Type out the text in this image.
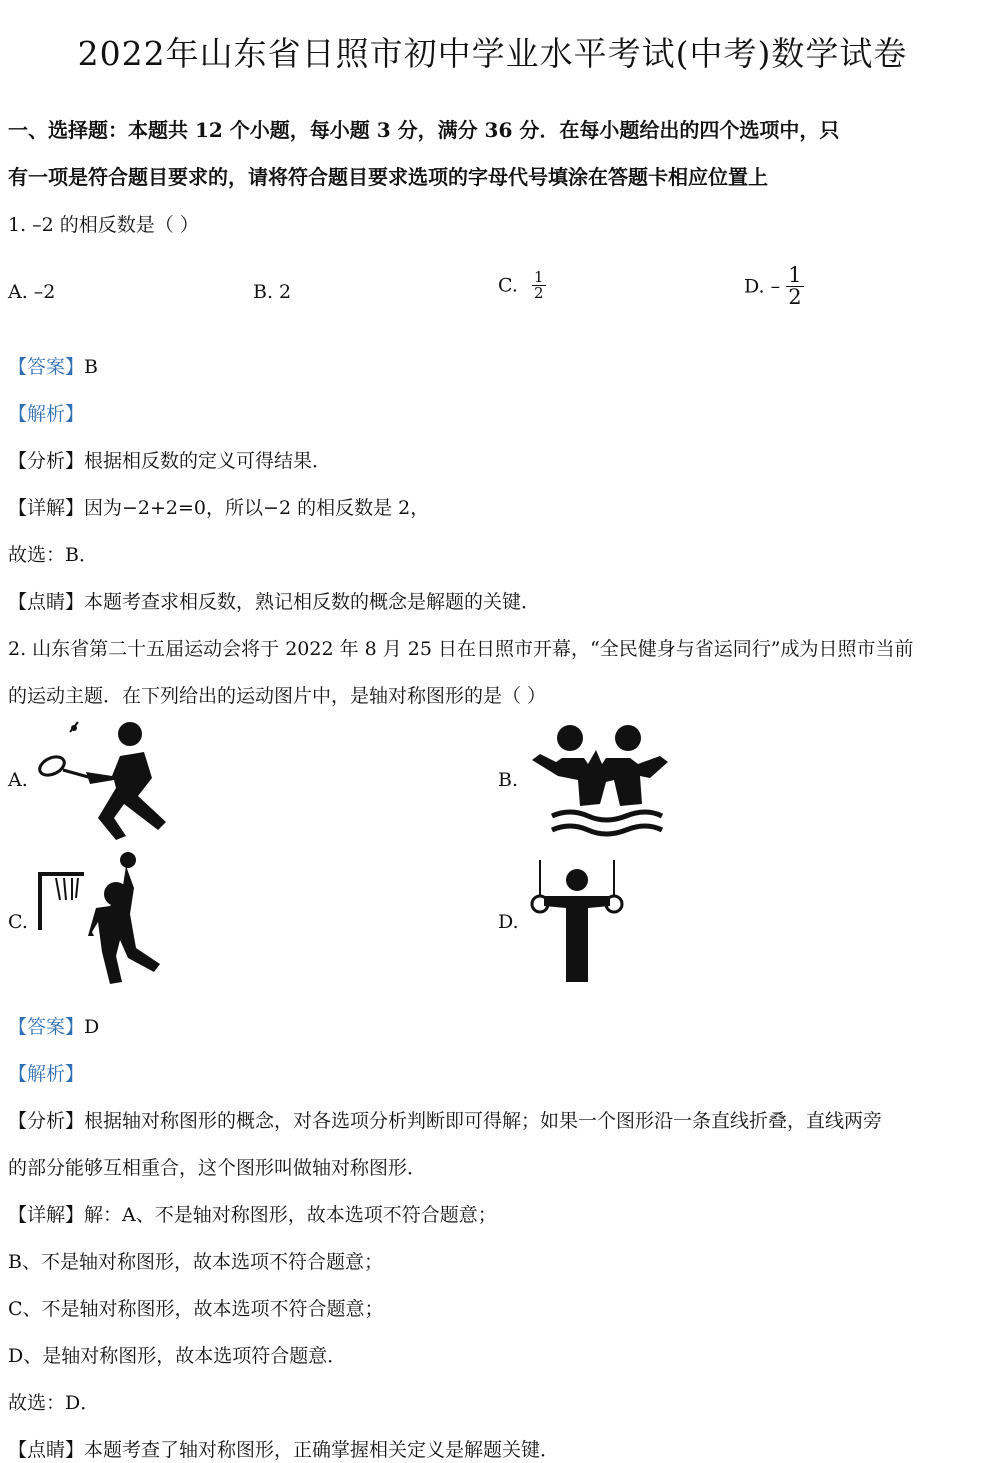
2022年山东省日照市初中学业水平考试(中考)数学试卷
一、选择题：本题共 12 个小题，每小题 3 分，满分 36 分．在每小题给出的四个选项中，只
有一项是符合题目要求的，请将符合题目要求选项的字母代号填涂在答题卡相应位置上
1. –2 的相反数是（ ）
A. –2	B. 2	C. $\frac{1}{2}$	D. – $\frac{1}{2}$
【答案】B
【解析】
【分析】根据相反数的定义可得结果．
【详解】因为−2+2=0，所以−2 的相反数是 2，
故选：B．
【点睛】本题考查求相反数，熟记相反数的概念是解题的关键．
2. 山东省第二十五届运动会将于 2022 年 8 月 25 日在日照市开幕，“全民健身与省运同行”成为日照市当前
的运动主题．在下列给出的运动图片中，是轴对称图形的是（ ）
A.	B.
C.	D.
【答案】D
【解析】
【分析】根据轴对称图形的概念，对各选项分析判断即可得解；如果一个图形沿一条直线折叠，直线两旁
的部分能够互相重合，这个图形叫做轴对称图形．
【详解】解：A、不是轴对称图形，故本选项不符合题意；
B、不是轴对称图形，故本选项不符合题意；
C、不是轴对称图形，故本选项不符合题意；
D、是轴对称图形，故本选项符合题意．
故选：D．
【点睛】本题考查了轴对称图形，正确掌握相关定义是解题关键．
